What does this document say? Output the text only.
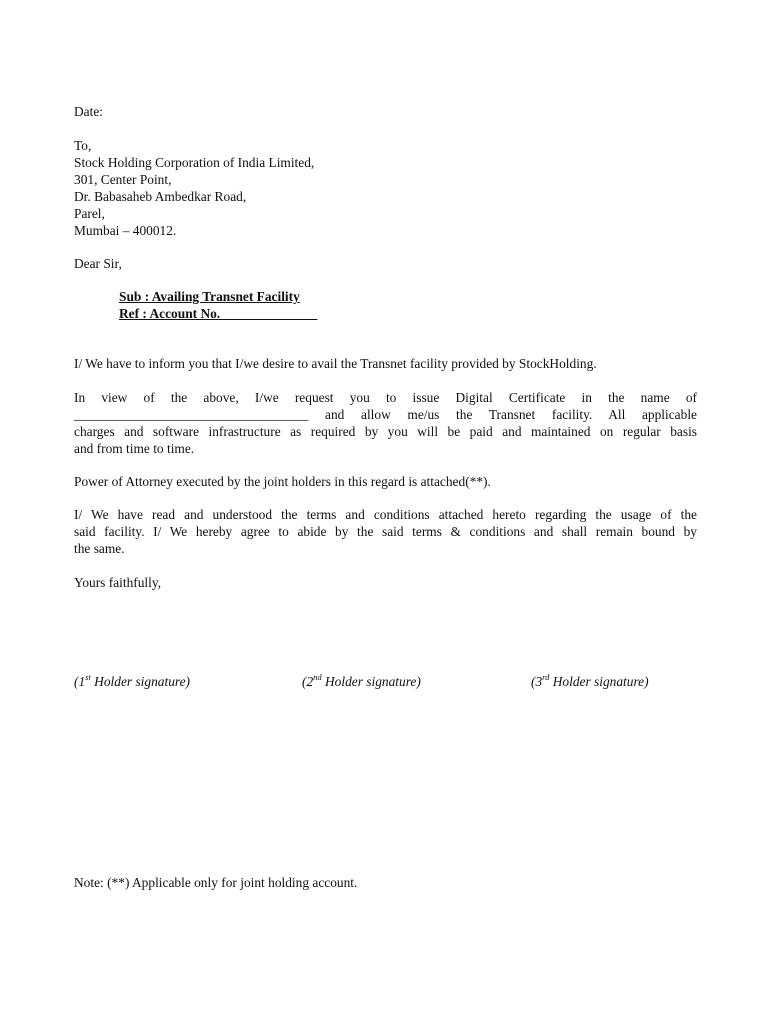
Date:
To,
Stock Holding Corporation of India Limited,
301, Center Point,
Dr. Babasaheb Ambedkar Road,
Parel,
Mumbai – 400012.
Dear Sir,
Sub : Availing Transnet Facility
Ref : Account No. ______________
I/ We have to inform you that I/we desire to avail the Transnet facility provided by StockHolding.
In view of the above, I/we request you to issue Digital Certificate in the name of
___________________________________ and allow me/us the Transnet facility. All applicable
charges and software infrastructure as required by you will be paid and maintained on regular basis
and from time to time.
Power of Attorney executed by the joint holders in this regard is attached(**).
I/ We have read and understood the terms and conditions attached hereto regarding the usage of the
said facility. I/ We hereby agree to abide by the said terms & conditions and shall remain bound by
the same.
Yours faithfully,
(1st Holder signature)	(2nd Holder signature)	(3rd Holder signature)
Note: (**) Applicable only for joint holding account.
